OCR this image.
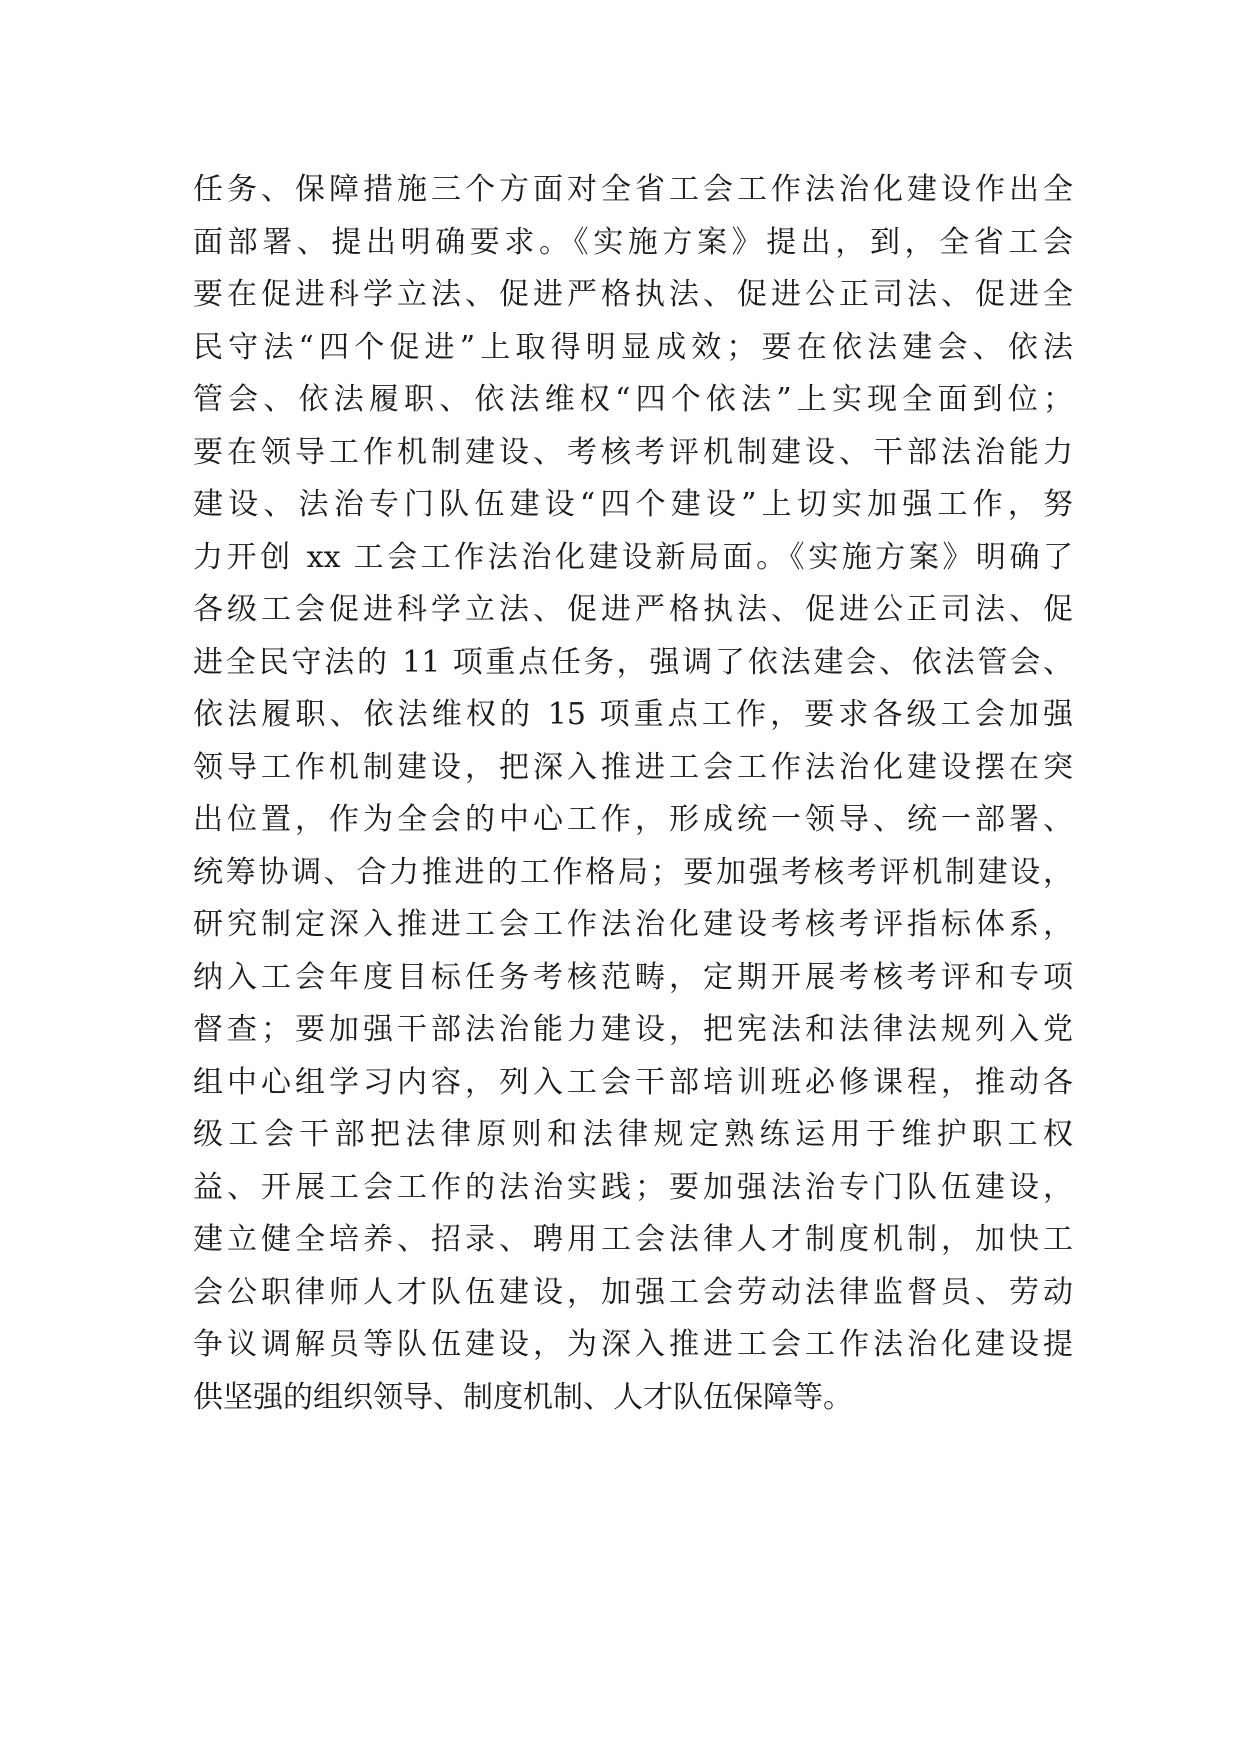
任务、保障措施三个方面对全省工会工作法治化建设作出全
面部署、提出明确要求。《实施方案》提出，到，全省工会
要在促进科学立法、促进严格执法、促进公正司法、促进全
民守法“四个促进”上取得明显成效；要在依法建会、依法
管会、依法履职、依法维权“四个依法”上实现全面到位；
要在领导工作机制建设、考核考评机制建设、干部法治能力
建设、法治专门队伍建设“四个建设”上切实加强工作，努
力开创 xx 工会工作法治化建设新局面。《实施方案》明确了
各级工会促进科学立法、促进严格执法、促进公正司法、促
进全民守法的 11 项重点任务，强调了依法建会、依法管会、
依法履职、依法维权的 15 项重点工作，要求各级工会加强
领导工作机制建设，把深入推进工会工作法治化建设摆在突
出位置，作为全会的中心工作，形成统一领导、统一部署、
统筹协调、合力推进的工作格局；要加强考核考评机制建设，
研究制定深入推进工会工作法治化建设考核考评指标体系，
纳入工会年度目标任务考核范畴，定期开展考核考评和专项
督查；要加强干部法治能力建设，把宪法和法律法规列入党
组中心组学习内容，列入工会干部培训班必修课程，推动各
级工会干部把法律原则和法律规定熟练运用于维护职工权
益、开展工会工作的法治实践；要加强法治专门队伍建设，
建立健全培养、招录、聘用工会法律人才制度机制，加快工
会公职律师人才队伍建设，加强工会劳动法律监督员、劳动
争议调解员等队伍建设，为深入推进工会工作法治化建设提
供坚强的组织领导、制度机制、人才队伍保障等。
